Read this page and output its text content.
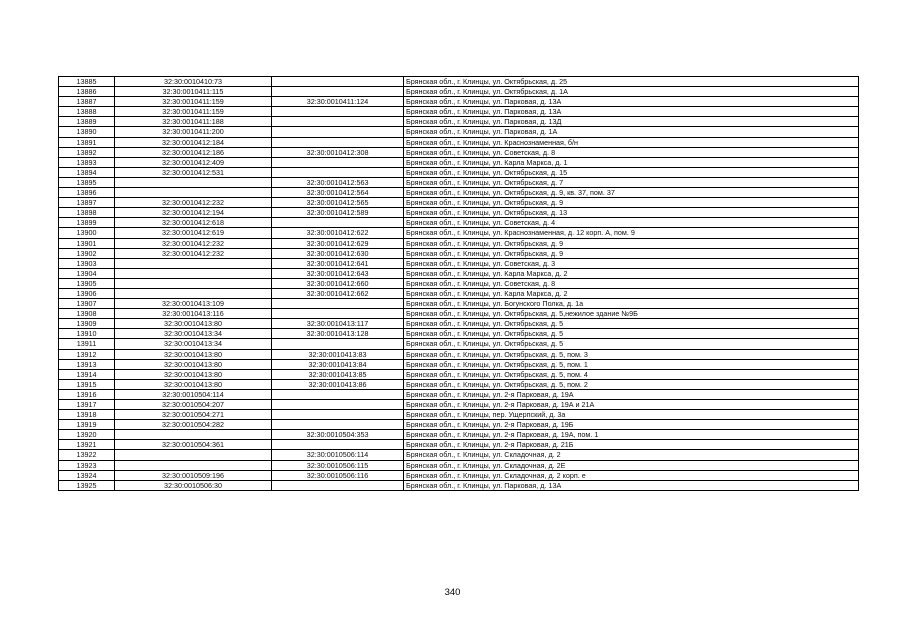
13885	32:30:0010410:73		Брянская обл., г. Клинцы, ул. Октябрьская, д. 25
13886	32:30:0010411:115		Брянская обл., г. Клинцы, ул. Октябрьская, д. 1А
13887	32:30:0010411:159	32:30:0010411:124	Брянская обл., г. Клинцы, ул. Парковая, д. 13А
13888	32:30:0010411:159		Брянская обл., г. Клинцы, ул. Парковая, д. 13А
13889	32:30:0010411:188		Брянская обл., г. Клинцы, ул. Парковая, д. 13Д
13890	32:30:0010411:200		Брянская обл., г. Клинцы, ул. Парковая, д. 1А
13891	32:30:0010412:184		Брянская обл., г. Клинцы, ул. Краснознаменная, б/н
13892	32:30:0010412:186	32:30:0010412:308	Брянская обл., г. Клинцы, ул. Советская, д. 8
13893	32:30:0010412:409		Брянская обл., г. Клинцы, ул. Карла Маркса, д. 1
13894	32:30:0010412:531		Брянская обл., г. Клинцы, ул. Октябрьская, д. 15
13895		32:30:0010412:563	Брянская обл., г. Клинцы, ул. Октябрьская, д. 7
13896		32:30:0010412:564	Брянская обл., г. Клинцы, ул. Октябрьская, д. 9, кв. 37, пом. 37
13897	32:30:0010412:232	32:30:0010412:565	Брянская обл., г. Клинцы, ул. Октябрьская, д. 9
13898	32:30:0010412:194	32:30:0010412:589	Брянская обл., г. Клинцы, ул. Октябрьская, д. 13
13899	32:30:0010412:618		Брянская обл., г. Клинцы, ул. Советская, д. 4
13900	32:30:0010412:619	32:30:0010412:622	Брянская обл., г. Клинцы, ул. Краснознаменная, д. 12 корп. А, пом. 9
13901	32:30:0010412:232	32:30:0010412:629	Брянская обл., г. Клинцы, ул. Октябрьская, д. 9
13902	32:30:0010412:232	32:30:0010412:630	Брянская обл., г. Клинцы, ул. Октябрьская, д. 9
13903		32:30:0010412:641	Брянская обл., г. Клинцы, ул. Советская, д. 3
13904		32:30:0010412:643	Брянская обл., г. Клинцы, ул. Карла Маркса, д. 2
13905		32:30:0010412:660	Брянская обл., г. Клинцы, ул. Советская, д. 8
13906		32:30:0010412:662	Брянская обл., г. Клинцы, ул. Карла Маркса, д. 2
13907	32:30:0010413:109		Брянская обл., г. Клинцы, ул. Богунского Полка, д. 1а
13908	32:30:0010413:116		Брянская обл., г. Клинцы, ул. Октябрьская, д. 5,нежилое здание №9Б
13909	32:30:0010413:80	32:30:0010413:117	Брянская обл., г. Клинцы, ул. Октябрьская, д. 5
13910	32:30:0010413:34	32:30:0010413:128	Брянская обл., г. Клинцы, ул. Октябрьская, д. 5
13911	32:30:0010413:34		Брянская обл., г. Клинцы, ул. Октябрьская, д. 5
13912	32:30:0010413:80	32:30:0010413:83	Брянская обл., г. Клинцы, ул. Октябрьская, д. 5, пом. 3
13913	32:30:0010413:80	32:30:0010413:84	Брянская обл., г. Клинцы, ул. Октябрьская, д. 5, пом. 1
13914	32:30:0010413:80	32:30:0010413:85	Брянская обл., г. Клинцы, ул. Октябрьская, д. 5, пом. 4
13915	32:30:0010413:80	32:30:0010413:86	Брянская обл., г. Клинцы, ул. Октябрьская, д. 5, пом. 2
13916	32:30:0010504:114		Брянская обл., г. Клинцы, ул. 2-я Парковая, д. 19А
13917	32:30:0010504:207		Брянская обл., г. Клинцы, ул. 2-я Парковая, д. 19А и 21А
13918	32:30:0010504:271		Брянская обл., г. Клинцы, пер. Ущерпский, д. 3а
13919	32:30:0010504:282		Брянская обл., г. Клинцы, ул. 2-я Парковая, д. 19Б
13920		32:30:0010504:353	Брянская обл., г. Клинцы, ул. 2-я Парковая, д. 19А, пом. 1
13921	32:30:0010504:361		Брянская обл., г. Клинцы, ул. 2-я Парковая, д. 21Б
13922		32:30:0010506:114	Брянская обл., г. Клинцы, ул. Складочная, д. 2
13923		32:30:0010506:115	Брянская обл., г. Клинцы, ул. Складочная, д. 2Е
13924	32:30:0010509:196	32:30:0010506:116	Брянская обл., г. Клинцы, ул. Складочная, д. 2 корп. е
13925	32:30:0010506:30		Брянская обл., г. Клинцы, ул. Парковая, д. 13А
340
